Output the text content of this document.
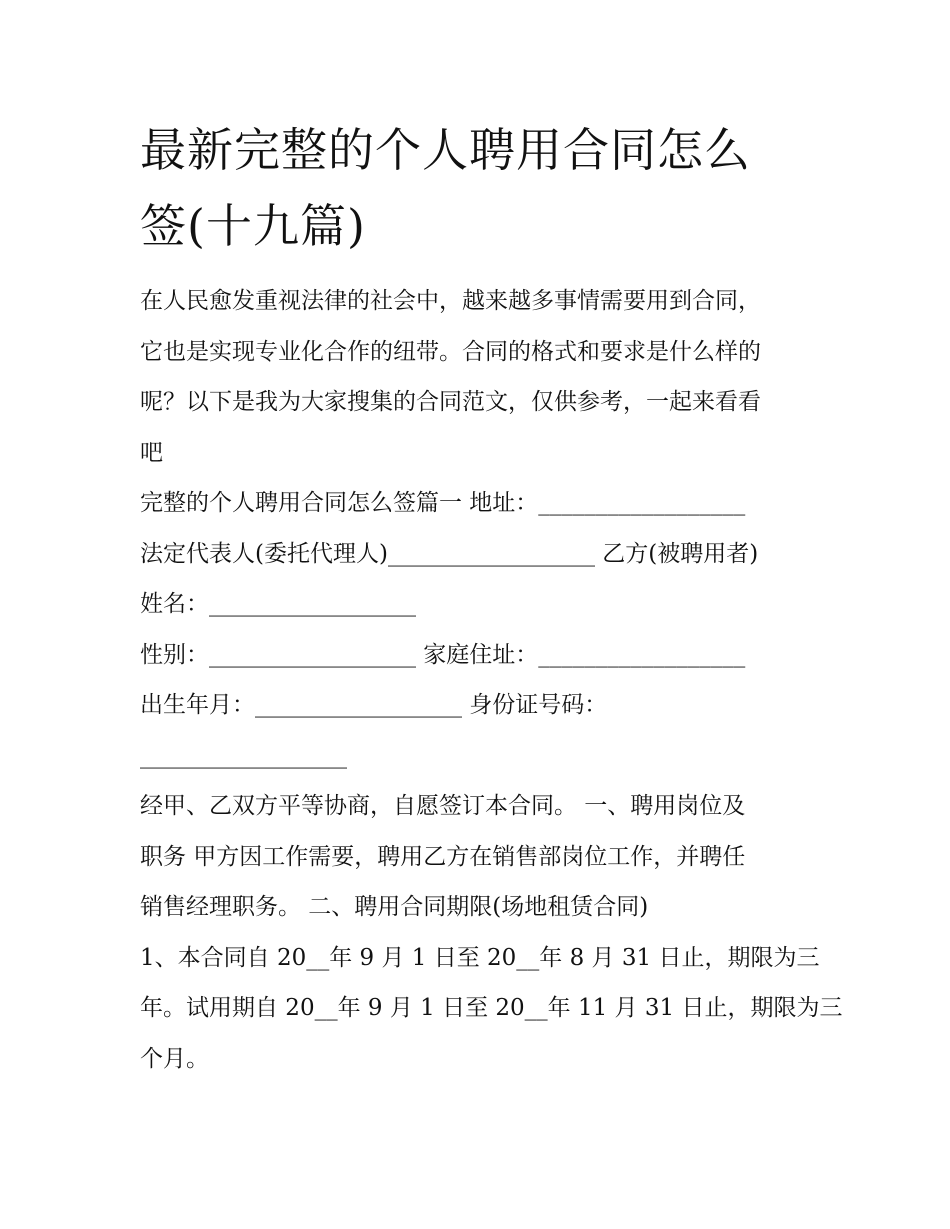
最新完整的个人聘用合同怎么
签(十九篇)
在人民愈发重视法律的社会中，越来越多事情需要用到合同，
它也是实现专业化合作的纽带。合同的格式和要求是什么样的
呢？以下是我为大家搜集的合同范文，仅供参考，一起来看看
吧
完整的个人聘用合同怎么签篇一 地址：__________________
法定代表人(委托代理人)__________________ 乙方(被聘用者)
姓名：__________________
性别：__________________ 家庭住址：__________________
出生年月：__________________ 身份证号码：
__________________
经甲、乙双方平等协商，自愿签订本合同。 一、聘用岗位及
职务 甲方因工作需要，聘用乙方在销售部岗位工作，并聘任
销售经理职务。 二、聘用合同期限(场地租赁合同)
1、本合同自 20__年 9 月 1 日至 20__年 8 月 31 日止，期限为三
年。试用期自 20__年 9 月 1 日至 20__年 11 月 31 日止，期限为三
个月。
